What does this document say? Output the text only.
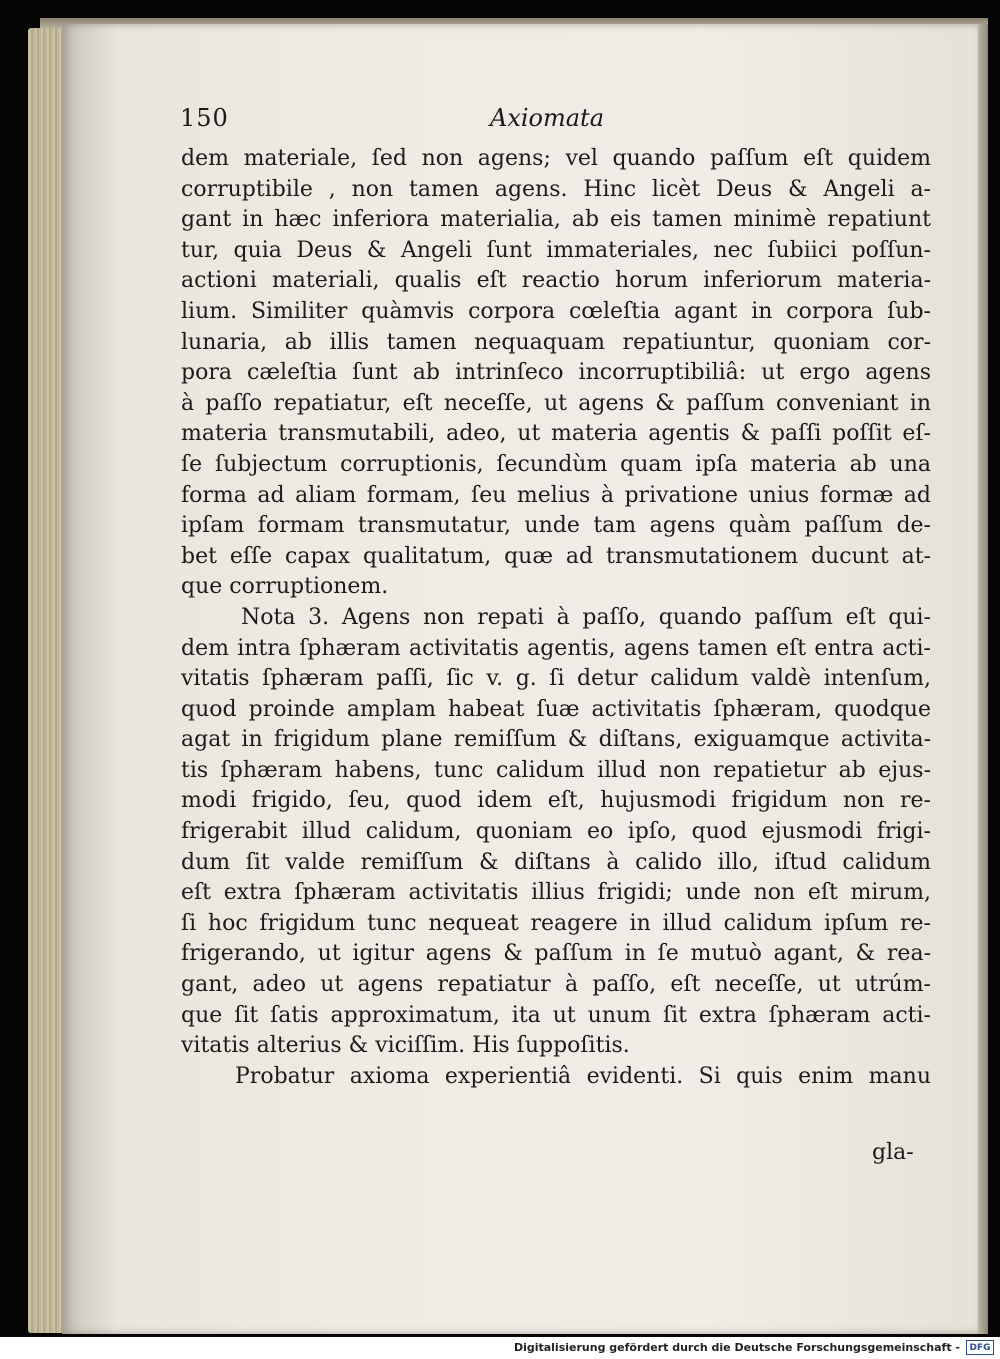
150	Axiomata
dem materiale, ſed non agens; vel quando paſſum eſt quidem
corruptibile , non tamen agens. Hinc licèt Deus & Angeli a-
gant in hæc inferiora materialia, ab eis tamen minimè repatiunt
tur, quia Deus & Angeli ſunt immateriales, nec ſubiici poſſun-
actioni materiali, qualis eſt reactio horum inferiorum materia-
lium. Similiter quàmvis corpora cœleſtia agant in corpora ſub-
lunaria, ab illis tamen nequaquam repatiuntur, quoniam cor-
pora cæleſtia ſunt ab intrinſeco incorruptibiliâ: ut ergo agens
à paſſo repatiatur, eſt neceſſe, ut agens & paſſum conveniant in
materia transmutabili, adeo, ut materia agentis & paſſi poſſit eſ-
ſe ſubjectum corruptionis, ſecundùm quam ipſa materia ab una
forma ad aliam formam, ſeu melius à privatione unius formæ ad
ipſam formam transmutatur, unde tam agens quàm paſſum de-
bet eſſe capax qualitatum, quæ ad transmutationem ducunt at-
que corruptionem.
Nota 3. Agens non repati à paſſo, quando paſſum eſt qui-
dem intra ſphæram activitatis agentis, agens tamen eſt entra acti-
vitatis ſphæram paſſi, ſic v. g. ſi detur calidum valdè intenſum,
quod proinde amplam habeat ſuæ activitatis ſphæram, quodque
agat in frigidum plane remiſſum & diſtans, exiguamque activita-
tis ſphæram habens, tunc calidum illud non repatietur ab ejus-
modi frigido, ſeu, quod idem eſt, hujusmodi frigidum non re-
frigerabit illud calidum, quoniam eo ipſo, quod ejusmodi frigi-
dum ſit valde remiſſum & diſtans à calido illo, iſtud calidum
eſt extra ſphæram activitatis illius frigidi; unde non eſt mirum,
ſi hoc frigidum tunc nequeat reagere in illud calidum ipſum re-
frigerando, ut igitur agens & paſſum in ſe mutuò agant, & rea-
gant, adeo ut agens repatiatur à paſſo, eſt neceſſe, ut utrúm-
que ſit ſatis approximatum, ita ut unum ſit extra ſphæram acti-
vitatis alterius & viciſſim. His ſuppoſitis.
Probatur axioma experientiâ evidenti. Si quis enim manu
gla-
Digitalisierung gefördert durch die Deutsche Forschungsgemeinschaft -	DFG
